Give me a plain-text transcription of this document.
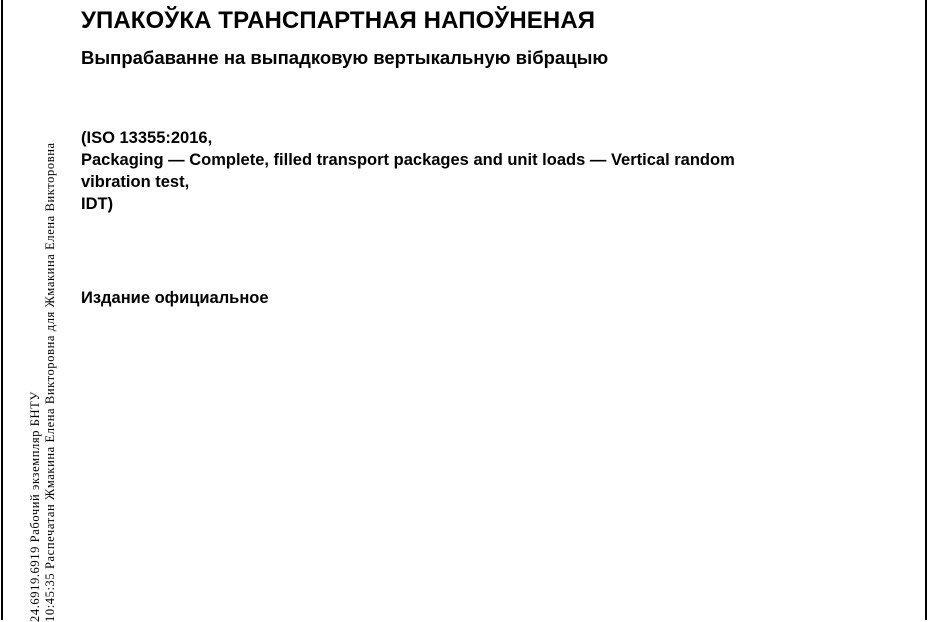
24.6919.6919 Рабочий экземпляр БНТУ 10:45:35 Распечатан Жмакина Елена Викторовна для Жмакина Елена Викторовна
УПАКОЎКА ТРАНСПАРТНАЯ НАПОЎНЕНАЯ
Выпрабаванне на выпадковую вертыкальную вібрацыю
(ISO 13355:2016,
Packaging — Complete, filled transport packages and unit loads — Vertical random
vibration test,
IDT)
Издание официальное
